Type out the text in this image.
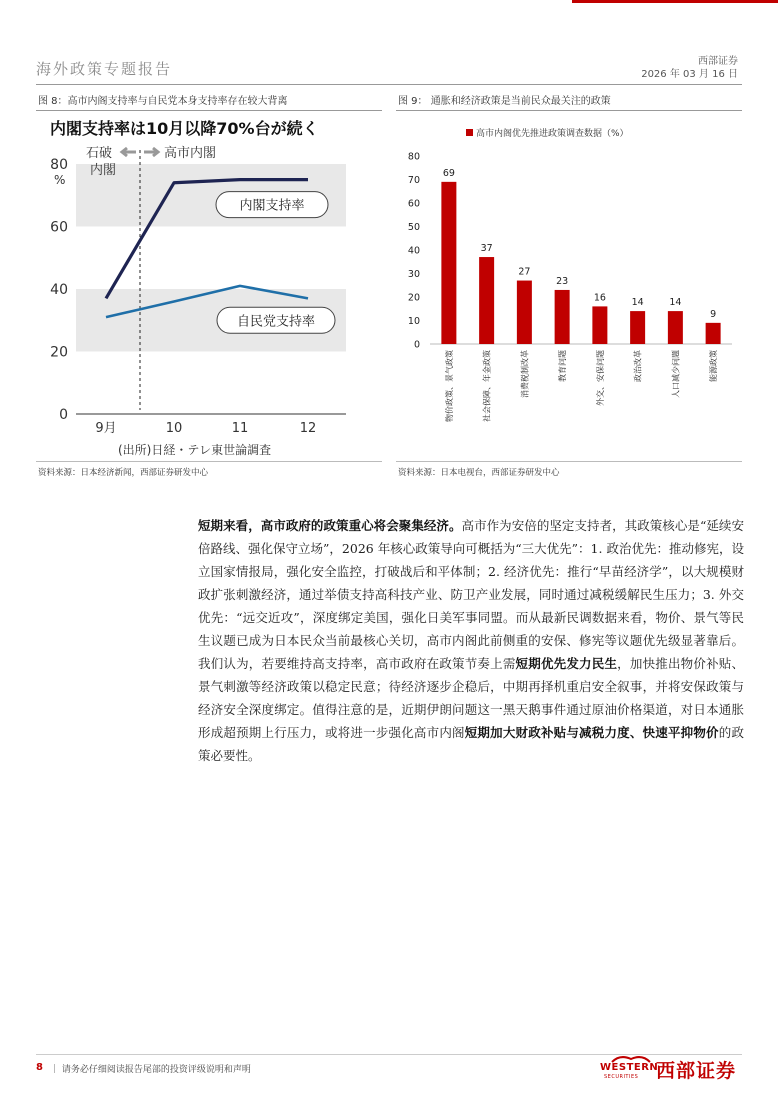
海外政策专题报告	西部证券
2026 年 03 月 16 日
图 8：高市内阁支持率与自民党本身支持率存在较大背离
内閣支持率は10月以降70%台が続く
0
20
40
60
80
%
石破
内閣
高市内閣
内閣支持率
自民党支持率
9月	10	11	12
(出所)日経・テレ東世論調査
资料来源：日本经济新闻，西部证券研发中心
图 9： 通胀和经济政策是当前民众最关注的政策
高市内阁优先推进政策调查数据（%）
0
10
20
30
40
50
60
70
80
69
37
27
23
16	14	14
9
物价政策、景气政策	社会保障、年金政策	消费税制改革	教育问题	外交、安保问题	政治改革	人口减少问题	能源政策
资料来源：日本电视台，西部证券研发中心
短期来看，高市政府的政策重心将会聚集经济。高市作为安倍的坚定支持者，其政策核心是“延续安倍路线、强化保守立场”，2026 年核心政策导向可概括为“三大优先”：1. 政治优先：推动修宪，设立国家情报局，强化安全监控，打破战后和平体制；2. 经济优先：推行“早苗经济学”，以大规模财政扩张刺激经济，通过举债支持高科技产业、防卫产业发展，同时通过减税缓解民生压力；3. 外交优先：“远交近攻”，深度绑定美国，强化日美军事同盟。而从最新民调数据来看，物价、景气等民生议题已成为日本民众当前最核心关切，高市内阁此前侧重的安保、修宪等议题优先级显著靠后。我们认为，若要维持高支持率，高市政府在政策节奏上需短期优先发力民生，加快推出物价补贴、景气刺激等经济政策以稳定民意；待经济逐步企稳后，中期再择机重启安全叙事，并将安保政策与经济安全深度绑定。值得注意的是，近期伊朗问题这一黑天鹅事件通过原油价格渠道，对日本通胀形成超预期上行压力，或将进一步强化高市内阁短期加大财政补贴与减税力度、快速平抑物价的政策必要性。
8 ｜ 请务必仔细阅读报告尾部的投资评级说明和声明	WESTERN
SECURITIES 西部证券
